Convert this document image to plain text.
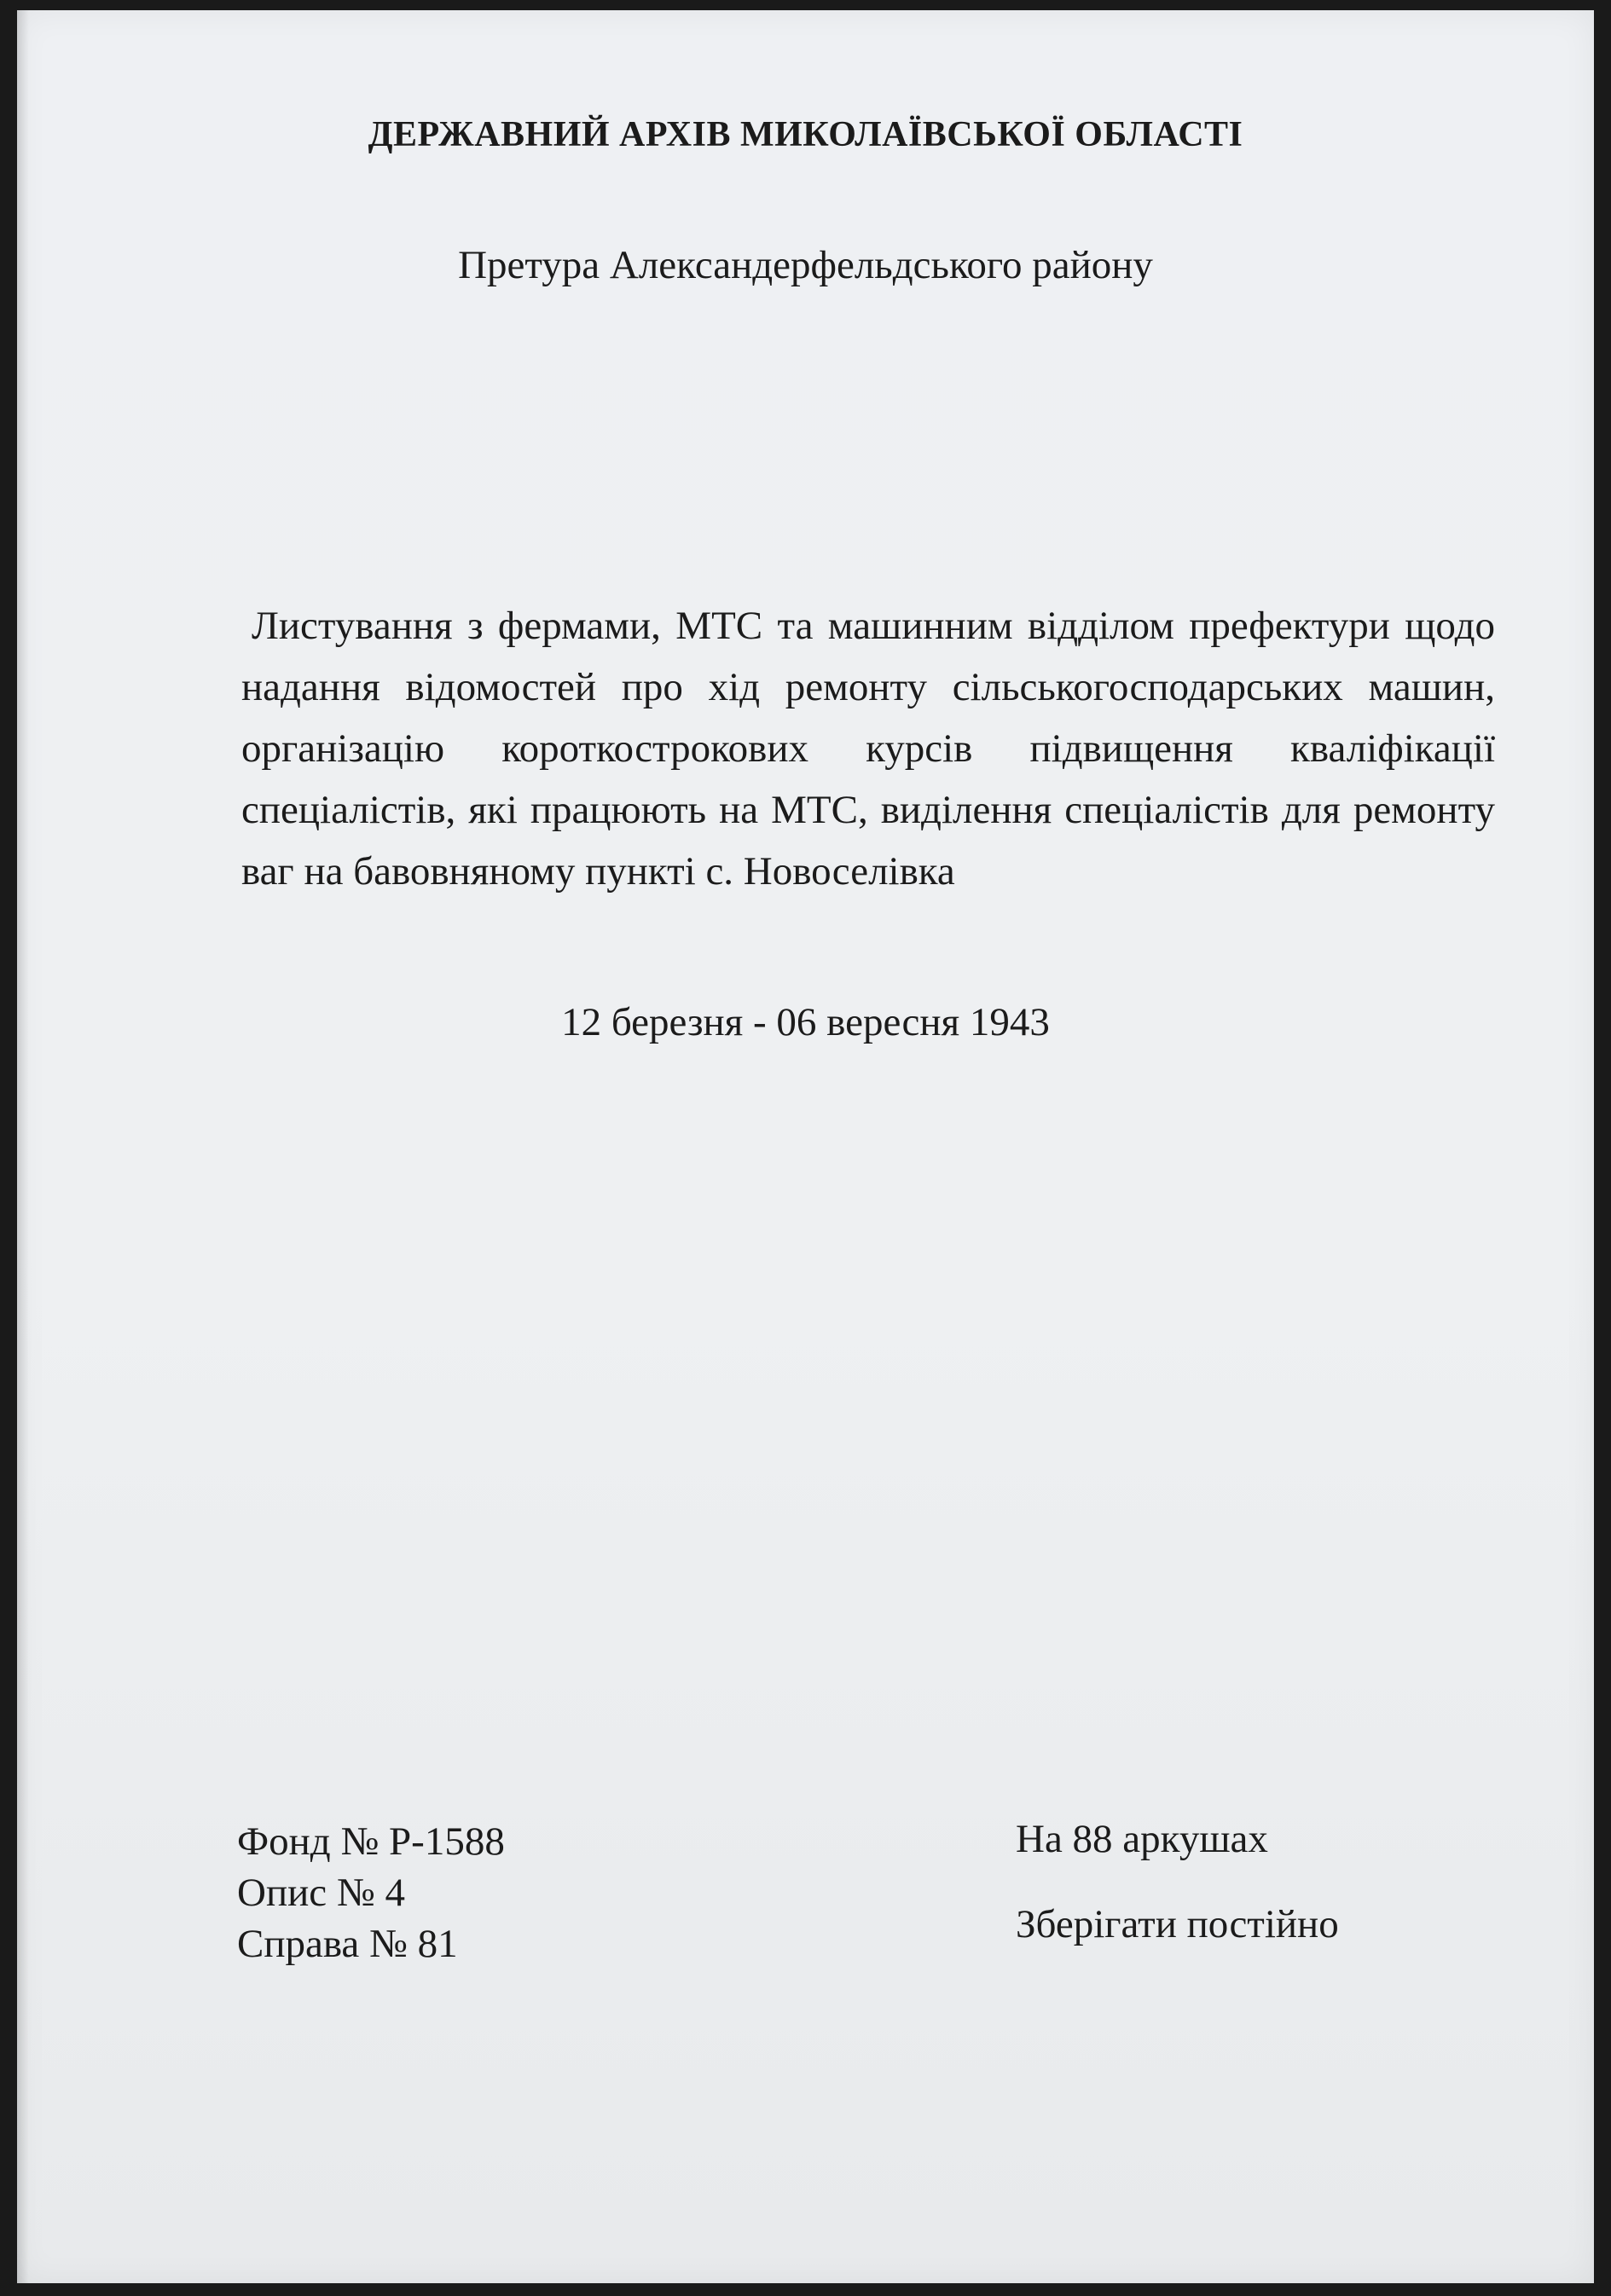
ДЕРЖАВНИЙ АРХІВ МИКОЛАЇВСЬКОЇ ОБЛАСТІ
Претура Александерфельдського району
Листування з фермами, МТС та машинним відділом префектури щодо надання відомостей про хід ремонту сільськогосподарських машин, організацію короткострокових курсів підвищення кваліфікації спеціалістів, які працюють на МТС, виділення спеціалістів для ремонту ваг на бавовняному пункті с. Новоселівка
12 березня - 06 вересня 1943
Фонд № Р-1588
Опис № 4
Справа № 81
На 88 аркушах
Зберігати постійно
